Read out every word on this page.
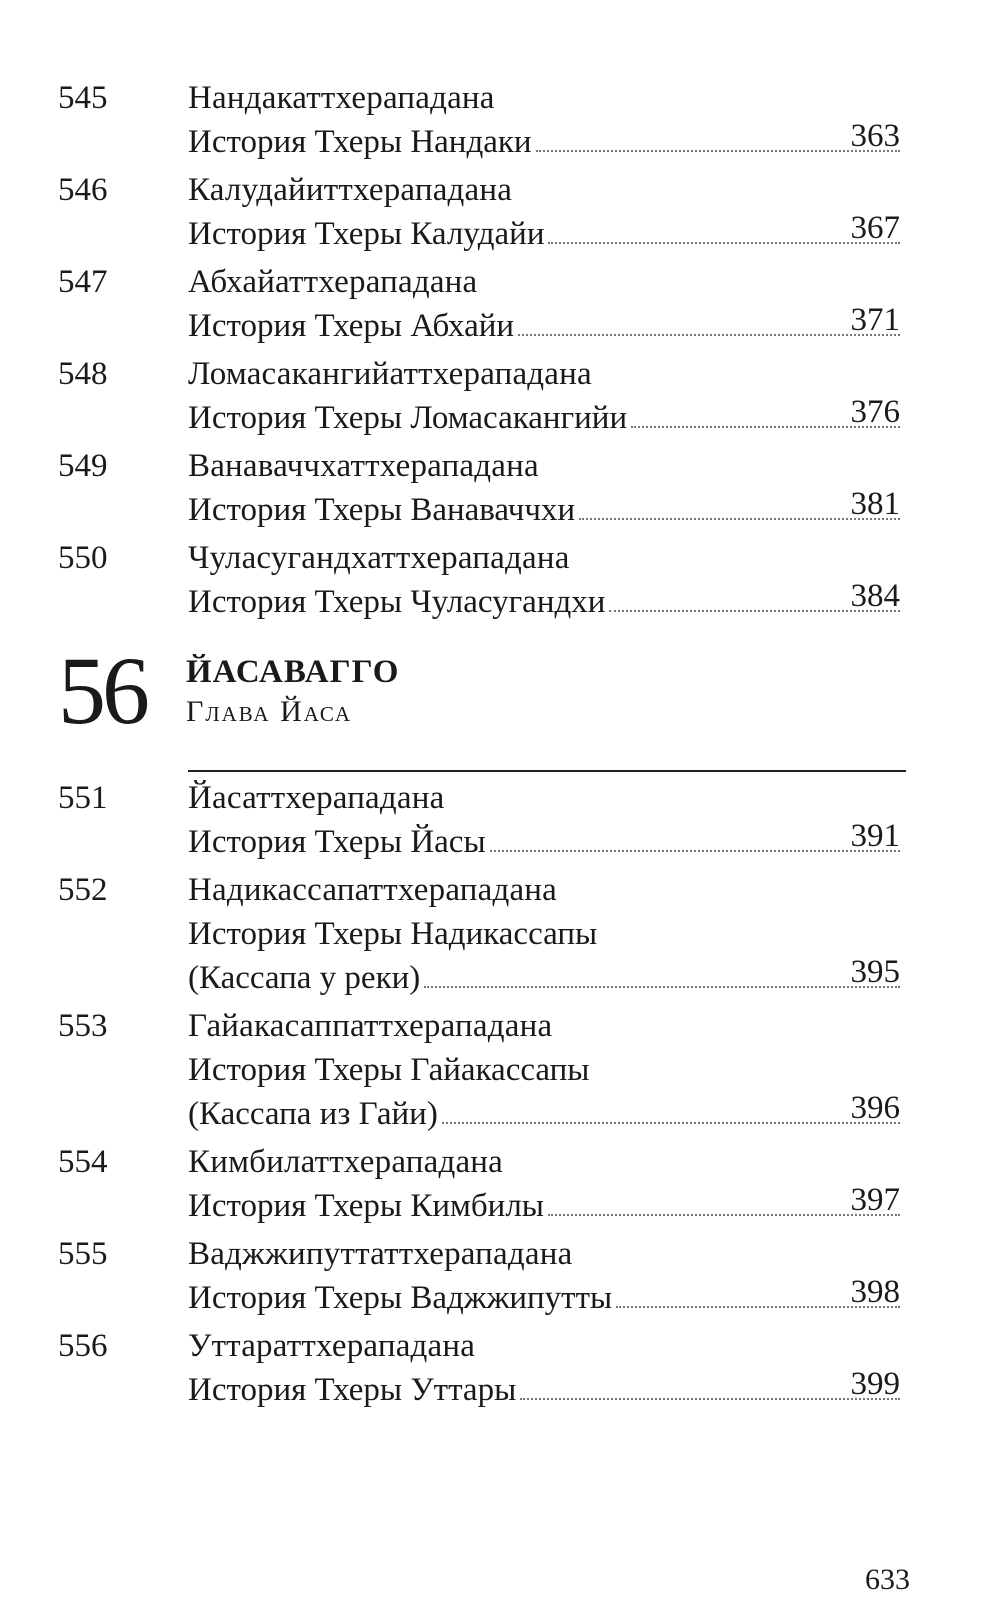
545 Нандакаттхерападана
История Тхеры Нандаки	363
546 Калудайиттхерападана
История Тхеры Калудайи	367
547 Абхайаттхерападана
История Тхеры Абхайи	371
548 Ломасакангийаттхерападана
История Тхеры Ломасакангийи	376
549 Ванаваччхаттхерападана
История Тхеры Ванаваччхи	381
550 Чуласугандхаттхерападана
История Тхеры Чуласугандхи	384
56 ЙАСАВАГГО
Глава Йаса
551 Йасаттхерападана
История Тхеры Йасы	391
552 Надикассапаттхерападана
История Тхеры Надикассапы
(Кассапа у реки)	395
553 Гайакасаппаттхерападана
История Тхеры Гайакассапы
(Кассапа из Гайи)	396
554 Кимбилаттхерападана
История Тхеры Кимбилы	397
555 Ваджжипуттаттхерападана
История Тхеры Ваджжипутты	398
556 Уттараттхерападана
История Тхеры Уттары	399
633
